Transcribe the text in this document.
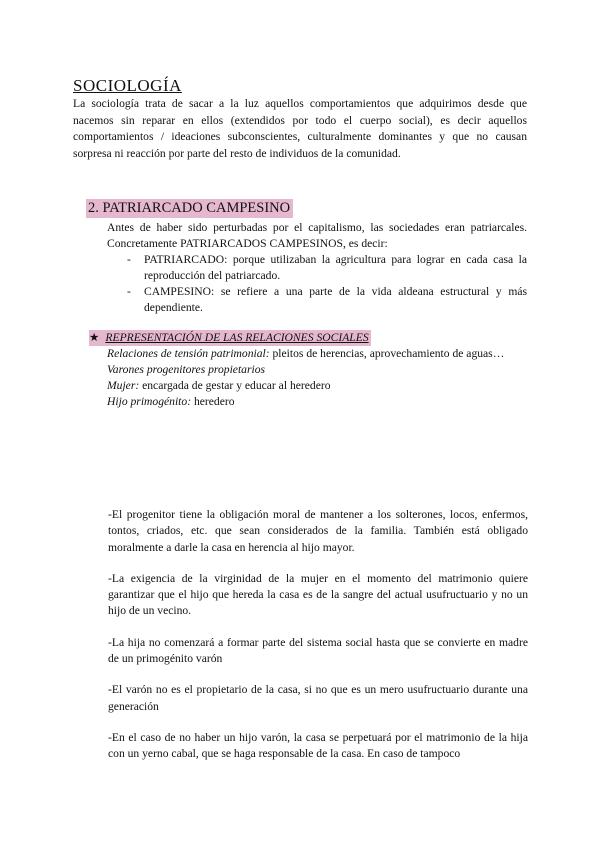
SOCIOLOGÍA
La sociología trata de sacar a la luz aquellos comportamientos que adquirimos desde que nacemos sin reparar en ellos (extendidos por todo el cuerpo social), es decir aquellos comportamientos / ideaciones subconscientes, culturalmente dominantes y que no causan sorpresa ni reacción por parte del resto de individuos de la comunidad.
2. PATRIARCADO CAMPESINO
Antes de haber sido perturbadas por el capitalismo, las sociedades eran patriarcales. Concretamente PATRIARCADOS CAMPESINOS, es decir:
- PATRIARCADO: porque utilizaban la agricultura para lograr en cada casa la reproducción del patriarcado.
- CAMPESINO: se refiere a una parte de la vida aldeana estructural y más dependiente.
★ REPRESENTACIÓN DE LAS RELACIONES SOCIALES
Relaciones de tensión patrimonial: pleitos de herencias, aprovechamiento de aguas…
Varones progenitores propietarios
Mujer: encargada de gestar y educar al heredero
Hijo primogénito: heredero

-El progenitor tiene la obligación moral de mantener a los solterones, locos, enfermos, tontos, criados, etc. que sean considerados de la familia. También está obligado moralmente a darle la casa en herencia al hijo mayor.

-La exigencia de la virginidad de la mujer en el momento del matrimonio quiere garantizar que el hijo que hereda la casa es de la sangre del actual usufructuario y no un hijo de un vecino.

-La hija no comenzará a formar parte del sistema social hasta que se convierte en madre de un primogénito varón

-El varón no es el propietario de la casa, si no que es un mero usufructuario durante una generación

-En el caso de no haber un hijo varón, la casa se perpetuará por el matrimonio de la hija con un yerno cabal, que se haga responsable de la casa. En caso de tampoco
